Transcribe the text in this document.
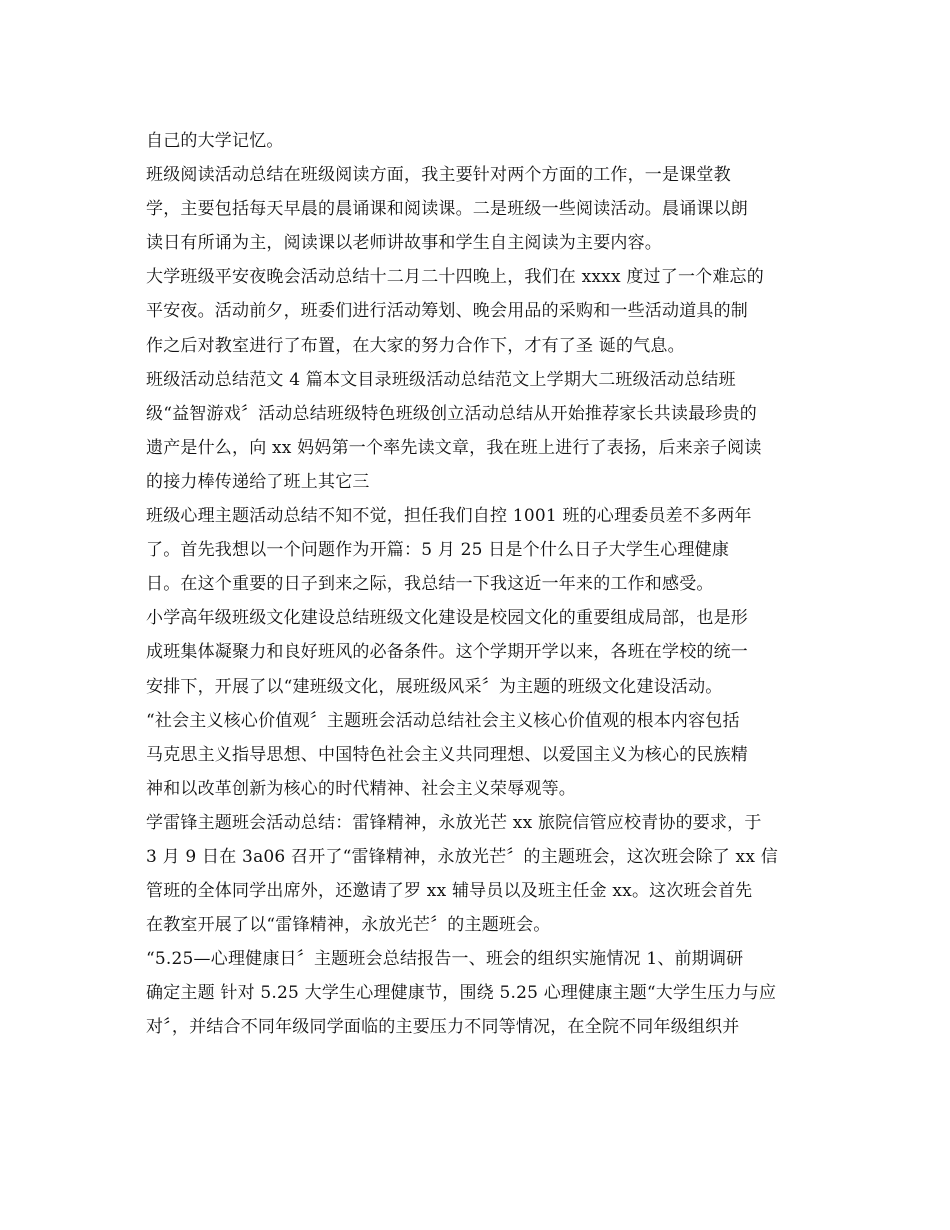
自己的大学记忆。
班级阅读活动总结在班级阅读方面，我主要针对两个方面的工作，一是课堂教
学，主要包括每天早晨的晨诵课和阅读课。二是班级一些阅读活动。晨诵课以朗
读日有所诵为主，阅读课以老师讲故事和学生自主阅读为主要内容。
大学班级平安夜晚会活动总结十二月二十四晚上，我们在 xxxx 度过了一个难忘的
平安夜。活动前夕，班委们进行活动筹划、晚会用品的采购和一些活动道具的制
作之后对教室进行了布置，在大家的努力合作下，才有了圣 诞的气息。
班级活动总结范文 4 篇本文目录班级活动总结范文上学期大二班级活动总结班
级“益智游戏〞活动总结班级特色班级创立活动总结从开始推荐家长共读最珍贵的
遗产是什么，向 xx 妈妈第一个率先读文章，我在班上进行了表扬，后来亲子阅读
的接力棒传递给了班上其它三
班级心理主题活动总结不知不觉，担任我们自控 1001 班的心理委员差不多两年
了。首先我想以一个问题作为开篇：5 月 25 日是个什么日子大学生心理健康
日。在这个重要的日子到来之际，我总结一下我这近一年来的工作和感受。
小学高年级班级文化建设总结班级文化建设是校园文化的重要组成局部，也是形
成班集体凝聚力和良好班风的必备条件。这个学期开学以来，各班在学校的统一
安排下，开展了以“建班级文化，展班级风采〞为主题的班级文化建设活动。
“社会主义核心价值观〞主题班会活动总结社会主义核心价值观的根本内容包括
马克思主义指导思想、中国特色社会主义共同理想、以爱国主义为核心的民族精
神和以改革创新为核心的时代精神、社会主义荣辱观等。
学雷锋主题班会活动总结：雷锋精神，永放光芒 xx 旅院信管应校青协的要求，于
3 月 9 日在 3a06 召开了“雷锋精神，永放光芒〞的主题班会，这次班会除了 xx 信
管班的全体同学出席外，还邀请了罗 xx 辅导员以及班主任金 xx。这次班会首先
在教室开展了以“雷锋精神，永放光芒〞的主题班会。
“5.25—心理健康日〞主题班会总结报告一、班会的组织实施情况 1、前期调研
确定主题 针对 5.25 大学生心理健康节，围绕 5.25 心理健康主题“大学生压力与应
对〞，并结合不同年级同学面临的主要压力不同等情况，在全院不同年级组织并
